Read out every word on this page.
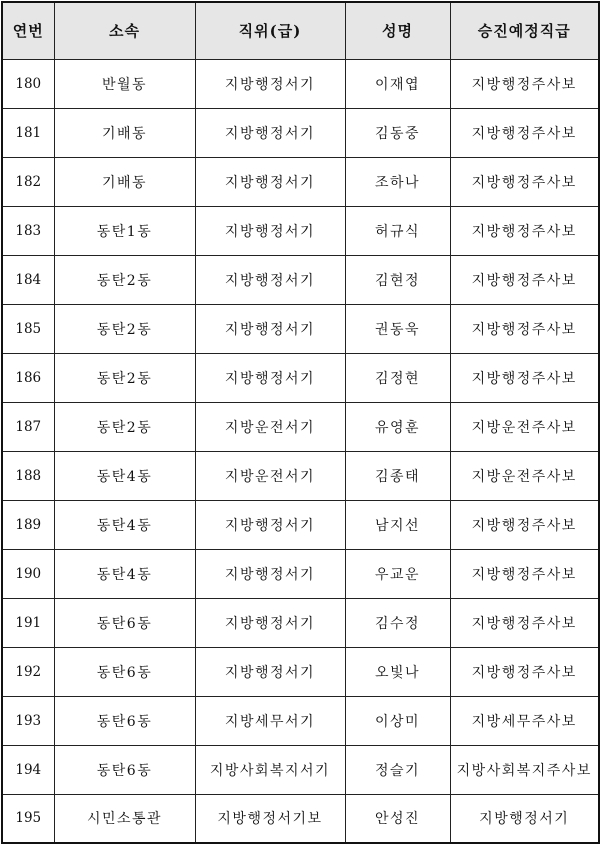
연번	소속	직위(급)	성명	승진예정직급
180	반월동	지방행정서기	이재엽	지방행정주사보
181	기배동	지방행정서기	김동중	지방행정주사보
182	기배동	지방행정서기	조하나	지방행정주사보
183	동탄1동	지방행정서기	허규식	지방행정주사보
184	동탄2동	지방행정서기	김현정	지방행정주사보
185	동탄2동	지방행정서기	권동욱	지방행정주사보
186	동탄2동	지방행정서기	김정현	지방행정주사보
187	동탄2동	지방운전서기	유영훈	지방운전주사보
188	동탄4동	지방운전서기	김종태	지방운전주사보
189	동탄4동	지방행정서기	남지선	지방행정주사보
190	동탄4동	지방행정서기	우교운	지방행정주사보
191	동탄6동	지방행정서기	김수정	지방행정주사보
192	동탄6동	지방행정서기	오빛나	지방행정주사보
193	동탄6동	지방세무서기	이상미	지방세무주사보
194	동탄6동	지방사회복지서기	정슬기	지방사회복지주사보
195	시민소통관	지방행정서기보	안성진	지방행정서기
